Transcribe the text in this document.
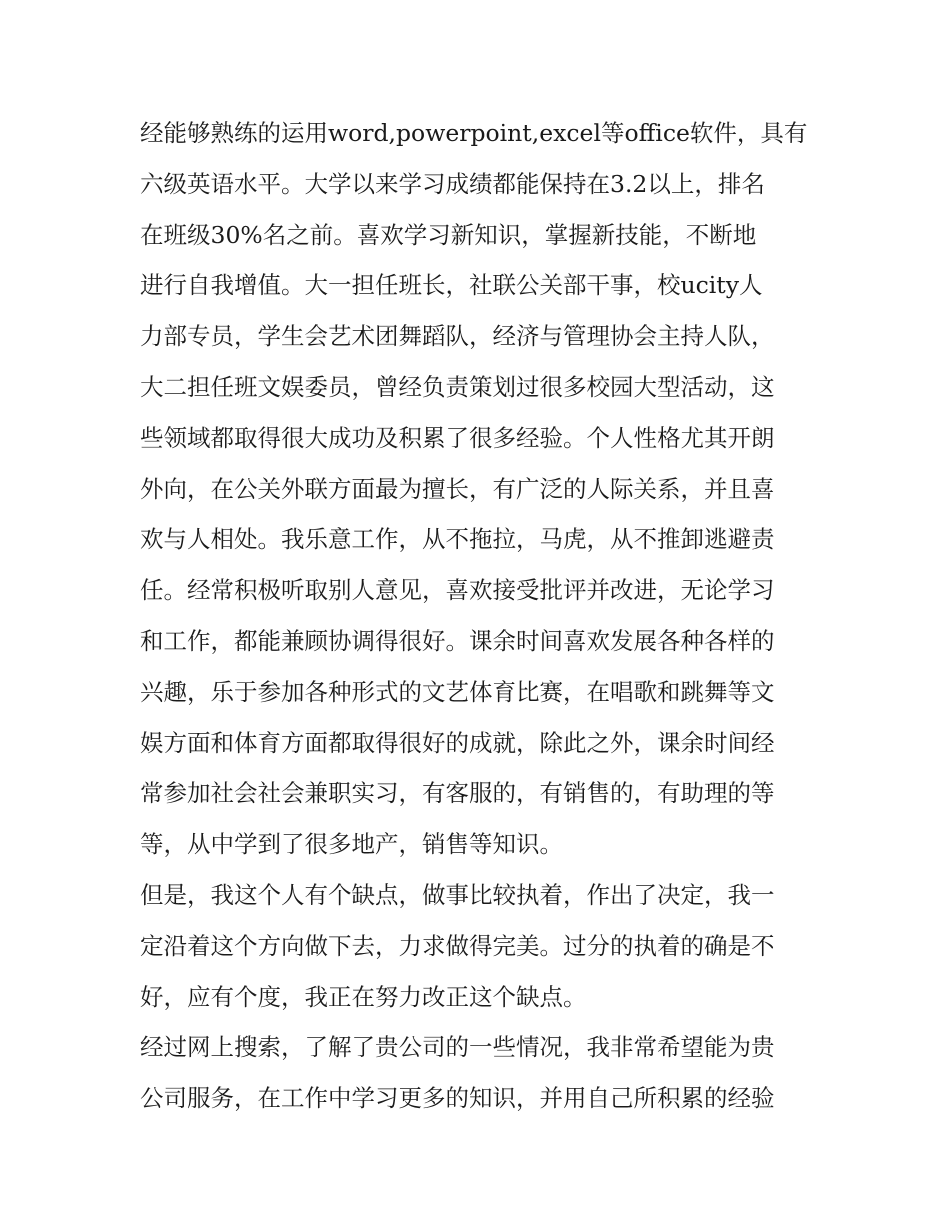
经能够熟练的运用word,powerpoint,excel等office软件，具有
六级英语水平。大学以来学习成绩都能保持在3.2以上，排名
在班级30%名之前。喜欢学习新知识，掌握新技能，不断地
进行自我增值。大一担任班长，社联公关部干事，校ucity人
力部专员，学生会艺术团舞蹈队，经济与管理协会主持人队，
大二担任班文娱委员，曾经负责策划过很多校园大型活动，这
些领域都取得很大成功及积累了很多经验。个人性格尤其开朗
外向，在公关外联方面最为擅长，有广泛的人际关系，并且喜
欢与人相处。我乐意工作，从不拖拉，马虎，从不推卸逃避责
任。经常积极听取别人意见，喜欢接受批评并改进，无论学习
和工作，都能兼顾协调得很好。课余时间喜欢发展各种各样的
兴趣，乐于参加各种形式的文艺体育比赛，在唱歌和跳舞等文
娱方面和体育方面都取得很好的成就，除此之外，课余时间经
常参加社会社会兼职实习，有客服的，有销售的，有助理的等
等，从中学到了很多地产，销售等知识。
但是，我这个人有个缺点，做事比较执着，作出了决定，我一
定沿着这个方向做下去，力求做得完美。过分的执着的确是不
好，应有个度，我正在努力改正这个缺点。
经过网上搜索，了解了贵公司的一些情况，我非常希望能为贵
公司服务，在工作中学习更多的知识，并用自己所积累的经验
